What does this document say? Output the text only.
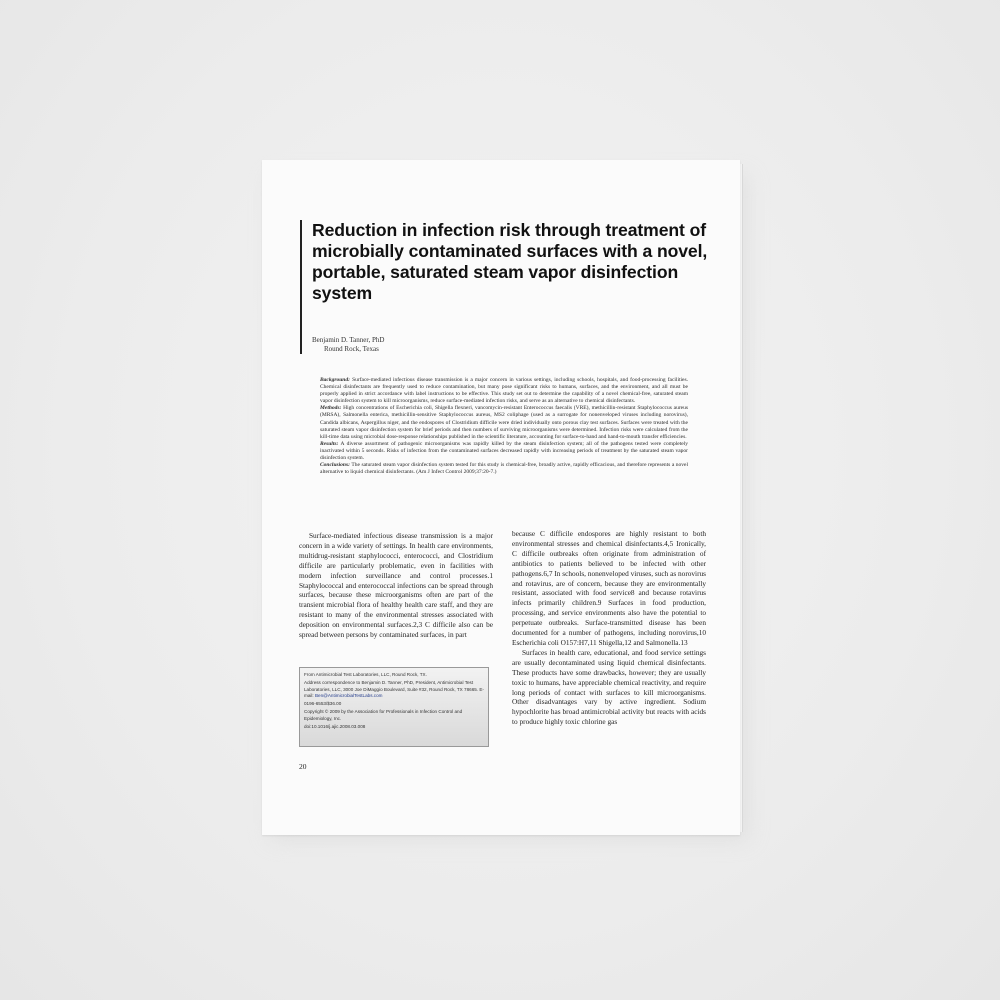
Reduction in infection risk through treatment of microbially contaminated surfaces with a novel, portable, saturated steam vapor disinfection system
Benjamin D. Tanner, PhD
Round Rock, Texas

Background: Surface-mediated infectious disease transmission is a major concern in various settings, including schools, hospitals, and food-processing facilities. Chemical disinfectants are frequently used to reduce contamination, but many pose significant risks to humans, surfaces, and the environment, and all must be properly applied in strict accordance with label instructions to be effective. This study set out to determine the capability of a novel chemical-free, saturated steam vapor disinfection system to kill microorganisms, reduce surface-mediated infection risks, and serve as an alternative to chemical disinfectants.

Methods: High concentrations of Escherichia coli, Shigella flexneri, vancomycin-resistant Enterococcus faecalis (VRE), methicillin-resistant Staphylococcus aureus (MRSA), Salmonella enterica, methicillin-sensitive Staphylococcus aureus, MS2 coliphage (used as a surrogate for nonenveloped viruses including norovirus), Candida albicans, Aspergillus niger, and the endospores of Clostridium difficile were dried individually onto porous clay test surfaces. Surfaces were treated with the saturated steam vapor disinfection system for brief periods and then numbers of surviving microorganisms were determined. Infection risks were calculated from the kill-time data using microbial dose-response relationships published in the scientific literature, accounting for surface-to-hand and hand-to-mouth transfer efficiencies.

Results: A diverse assortment of pathogenic microorganisms was rapidly killed by the steam disinfection system; all of the pathogens tested were completely inactivated within 5 seconds. Risks of infection from the contaminated surfaces decreased rapidly with increasing periods of treatment by the saturated steam vapor disinfection system.

Conclusions: The saturated steam vapor disinfection system tested for this study is chemical-free, broadly active, rapidly efficacious, and therefore represents a novel alternative to liquid chemical disinfectants. (Am J Infect Control 2009;37:20-7.)

Surface-mediated infectious disease transmission is a major concern in a wide variety of settings. In health care environments, multidrug-resistant staphylococci, enterococci, and Clostridium difficile are particularly problematic, even in facilities with modern infection surveillance and control processes.1 Staphylococcal and enterococcal infections can be spread through surfaces, because these microorganisms often are part of the transient microbial flora of healthy health care staff, and they are resistant to many of the environmental stresses associated with deposition on environmental surfaces.2,3 C difficile also can be spread between persons by contaminated surfaces, in part

because C difficile endospores are highly resistant to both environmental stresses and chemical disinfectants.4,5 Ironically, C difficile outbreaks often originate from administration of antibiotics to patients believed to be infected with other pathogens.6,7 In schools, nonenveloped viruses, such as norovirus and rotavirus, are of concern, because they are environmentally resistant, associated with food service8 and because rotavirus infects primarily children.9 Surfaces in food production, processing, and service environments also have the potential to perpetuate outbreaks. Surface-transmitted disease has been documented for a number of pathogens, including norovirus,10 Escherichia coli O157:H7,11 Shigella,12 and Salmonella.13

Surfaces in health care, educational, and food service settings are usually decontaminated using liquid chemical disinfectants. These products have some drawbacks, however; they are usually toxic to humans, have appreciable chemical reactivity, and require long periods of contact with surfaces to kill microorganisms. Other disadvantages vary by active ingredient. Sodium hypochlorite has broad antimicrobial activity but reacts with acids to produce highly toxic chlorine gas

From Antimicrobial Test Laboratories, LLC, Round Rock, TX.
Address correspondence to Benjamin D. Tanner, PhD, President, Antimicrobial Test Laboratories, LLC, 3000 Joe DiMaggio Boulevard, Suite #32, Round Rock, TX 78665. E-mail: Ben@AntimicrobialTestLabs.com
0196-6553/$36.00
Copyright © 2009 by the Association for Professionals in Infection Control and Epidemiology, Inc.
doi:10.1016/j.ajic.2008.03.008
20
